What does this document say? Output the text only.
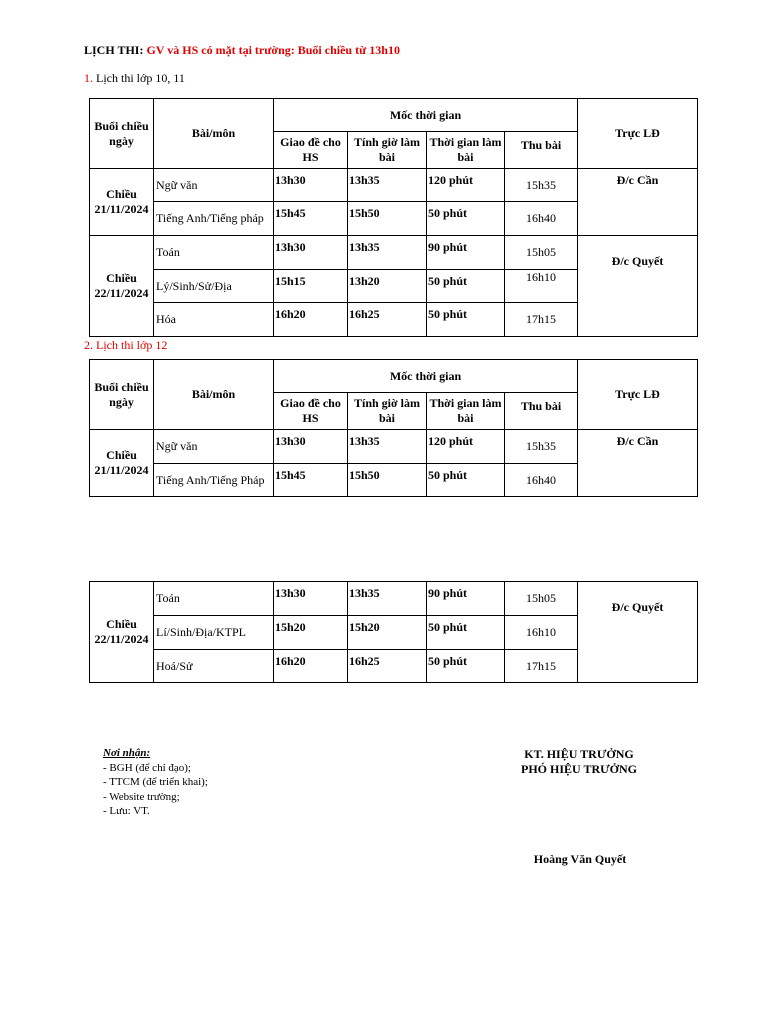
LỊCH THI: GV và HS có mặt tại trường: Buổi chiều từ 13h10
1. Lịch thi lớp 10, 11
Buổi chiều ngày	Bài/môn	Mốc thời gian				Trực LĐ
		Giao đề cho HS	Tính giờ làm bài	Thời gian làm bài	Thu bài	
Chiều
21/11/2024	Ngữ văn	13h30	13h35	120 phút	15h35	Đ/c Cần
	Tiếng Anh/Tiếng pháp	15h45	15h50	50 phút	16h40	
Chiều
22/11/2024	Toán	13h30	13h35	90 phút	15h05	Đ/c Quyết
	Lý/Sinh/Sử/Địa	15h15	13h20	50 phút	16h10	
	Hóa	16h20	16h25	50 phút	17h15	
2. Lịch thi lớp 12
Buổi chiều ngày	Bài/môn	Mốc thời gian				Trực LĐ
		Giao đề cho HS	Tính giờ làm bài	Thời gian làm bài	Thu bài	
Chiều
21/11/2024	Ngữ văn	13h30	13h35	120 phút	15h35	Đ/c Cần
	Tiếng Anh/Tiếng Pháp	15h45	15h50	50 phút	16h40	
Chiều
22/11/2024	Toán	13h30	13h35	90 phút	15h05	Đ/c Quyết
	Lí/Sinh/Địa/KTPL	15h20	15h20	50 phút	16h10	
	Hoá/Sử	16h20	16h25	50 phút	17h15	
Nơi nhận:
- BGH (để chỉ đạo);
- TTCM (để triển khai);
- Website trường;
- Lưu: VT.
KT. HIỆU TRƯỞNG
PHÓ HIỆU TRƯỞNG
Hoàng Văn Quyết
